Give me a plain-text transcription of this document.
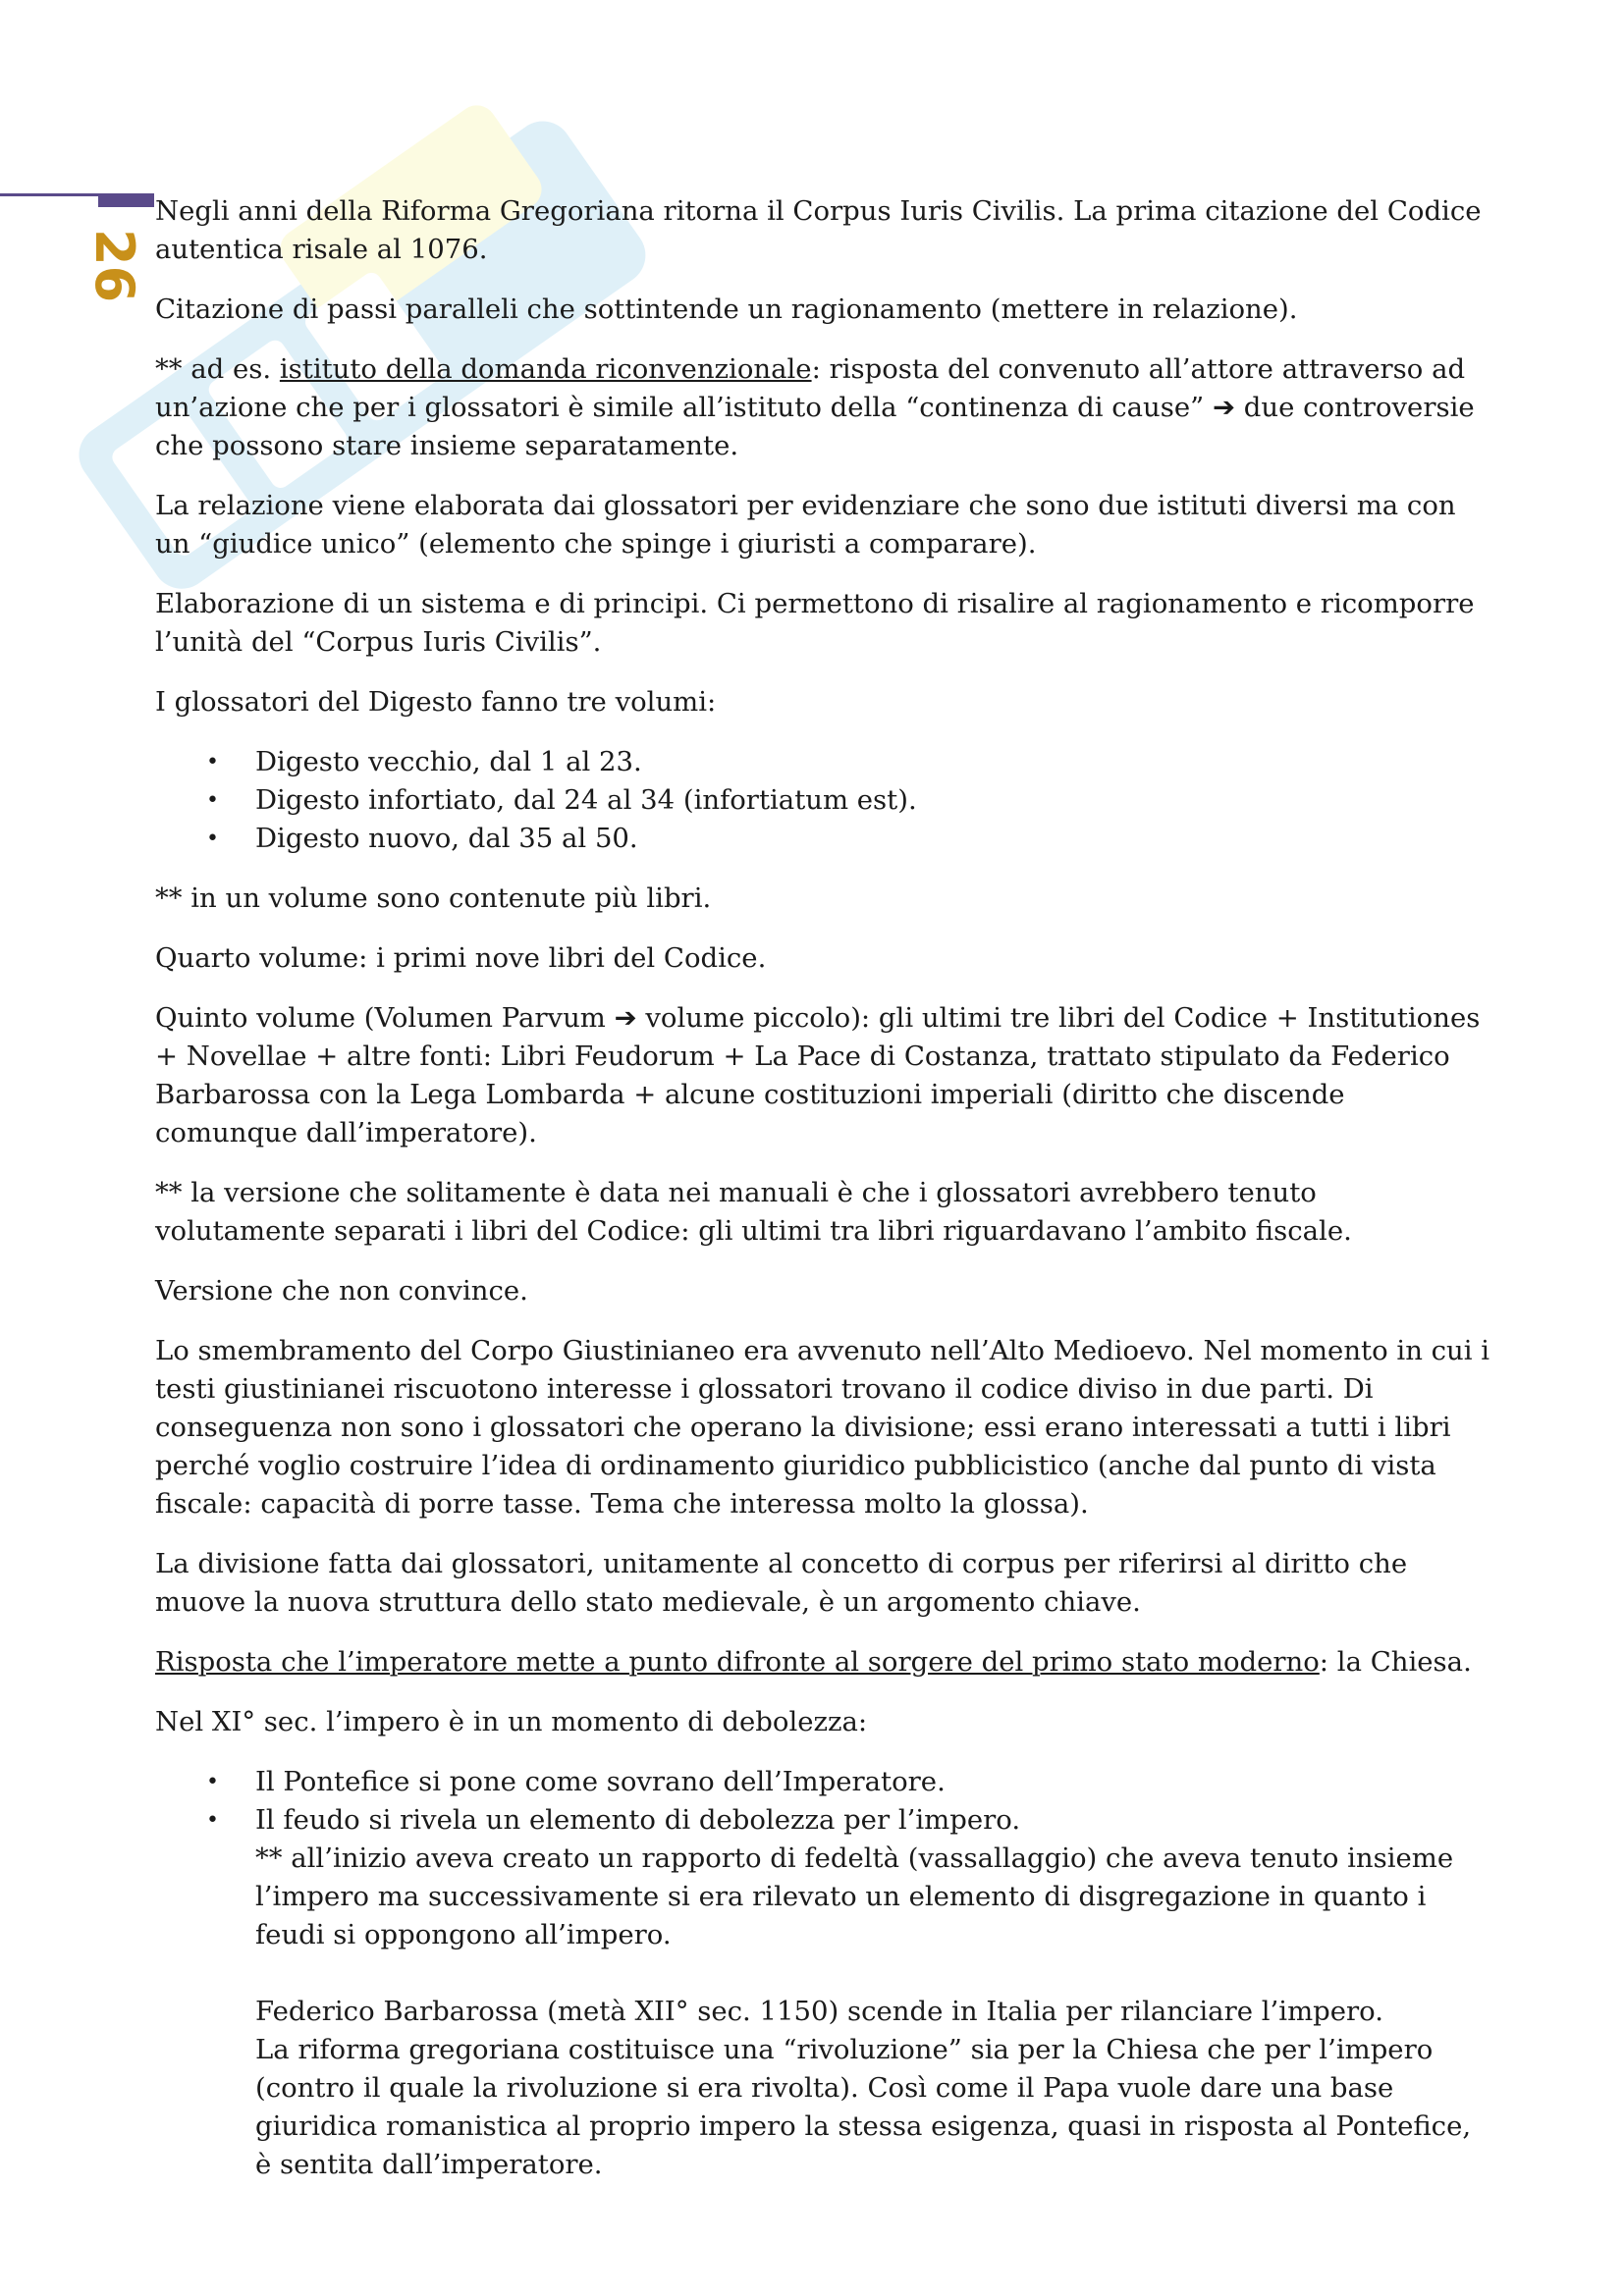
26

Negli anni della Riforma Gregoriana ritorna il Corpus Iuris Civilis. La prima citazione del Codice autentica risale al 1076.

Citazione di passi paralleli che sottintende un ragionamento (mettere in relazione).

** ad es. istituto della domanda riconvenzionale: risposta del convenuto all’attore attraverso ad un’azione che per i glossatori è simile all’istituto della “continenza di cause” ➔ due controversie che possono stare insieme separatamente.

La relazione viene elaborata dai glossatori per evidenziare che sono due istituti diversi ma con un “giudice unico” (elemento che spinge i giuristi a comparare).

Elaborazione di un sistema e di principi. Ci permettono di risalire al ragionamento e ricomporre l’unità del “Corpus Iuris Civilis”.

I glossatori del Digesto fanno tre volumi:

• Digesto vecchio, dal 1 al 23.
• Digesto infortiato, dal 24 al 34 (infortiatum est).
• Digesto nuovo, dal 35 al 50.

** in un volume sono contenute più libri.

Quarto volume: i primi nove libri del Codice.

Quinto volume (Volumen Parvum ➔ volume piccolo): gli ultimi tre libri del Codice + Institutiones + Novellae + altre fonti: Libri Feudorum + La Pace di Costanza, trattato stipulato da Federico Barbarossa con la Lega Lombarda + alcune costituzioni imperiali (diritto che discende comunque dall’imperatore).

** la versione che solitamente è data nei manuali è che i glossatori avrebbero tenuto volutamente separati i libri del Codice: gli ultimi tra libri riguardavano l’ambito fiscale.

Versione che non convince.

Lo smembramento del Corpo Giustinianeo era avvenuto nell’Alto Medioevo. Nel momento in cui i testi giustinianei riscuotono interesse i glossatori trovano il codice diviso in due parti. Di conseguenza non sono i glossatori che operano la divisione; essi erano interessati a tutti i libri perché voglio costruire l’idea di ordinamento giuridico pubblicistico (anche dal punto di vista fiscale: capacità di porre tasse. Tema che interessa molto la glossa).

La divisione fatta dai glossatori, unitamente al concetto di corpus per riferirsi al diritto che muove la nuova struttura dello stato medievale, è un argomento chiave.

Risposta che l’imperatore mette a punto difronte al sorgere del primo stato moderno: la Chiesa.

Nel XI° sec. l’impero è in un momento di debolezza:

• Il Pontefice si pone come sovrano dell’Imperatore.
• Il feudo si rivela un elemento di debolezza per l’impero.
** all’inizio aveva creato un rapporto di fedeltà (vassallaggio) che aveva tenuto insieme l’impero ma successivamente si era rilevato un elemento di disgregazione in quanto i feudi si oppongono all’impero.
Federico Barbarossa (metà XII° sec. 1150) scende in Italia per rilanciare l’impero.
La riforma gregoriana costituisce una “rivoluzione” sia per la Chiesa che per l’impero (contro il quale la rivoluzione si era rivolta). Così come il Papa vuole dare una base giuridica romanistica al proprio impero la stessa esigenza, quasi in risposta al Pontefice, è sentita dall’imperatore.
